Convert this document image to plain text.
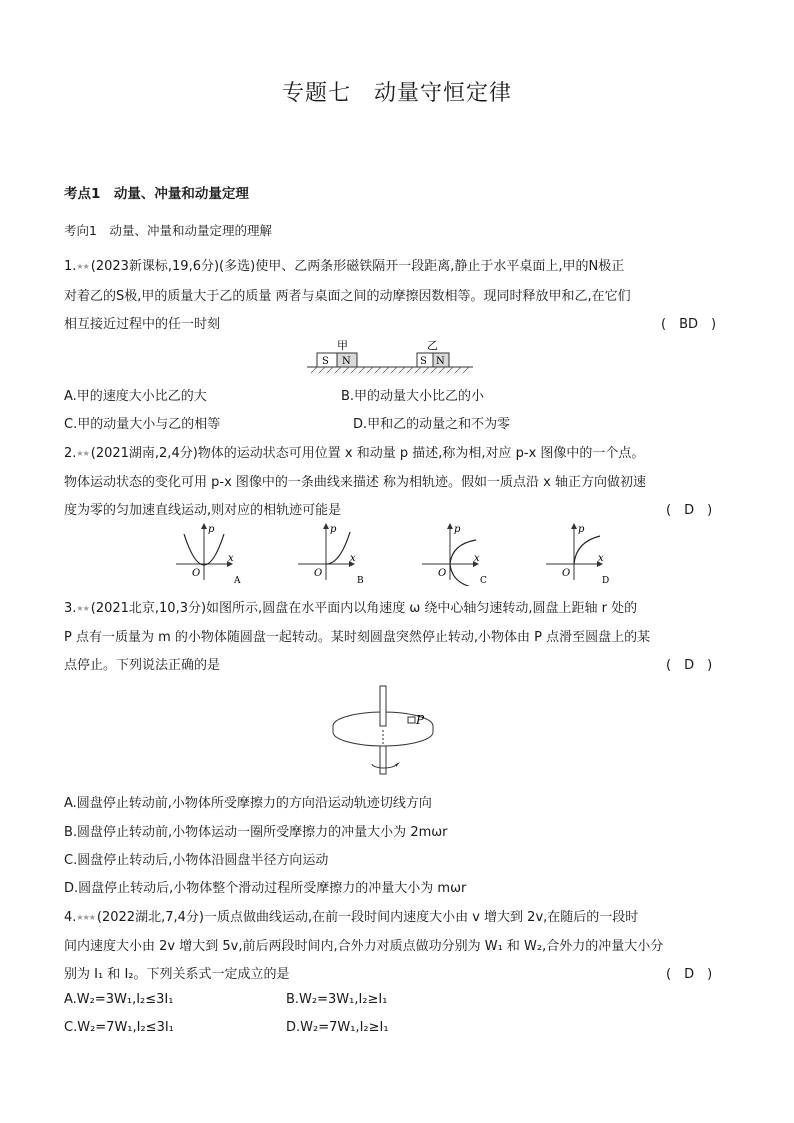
专题七　动量守恒定律
考点1　动量、冲量和动量定理
考向1　动量、冲量和动量定理的理解
1.★★ (2023新课标,19,6分)(多选)使甲、乙两条形磁铁隔开一段距离,静止于水平桌面上,甲的N极正
对着乙的S极,甲的质量大于乙的质量 两者与桌面之间的动摩擦因数相等。现同时释放甲和乙,在它们
相互接近过程中的任一时刻	(　BD　)
甲	乙
S N	S N
A.甲的速度大小比乙的大	B.甲的动量大小比乙的小
C.甲的动量大小与乙的相等	D.甲和乙的动量之和不为零
2.★★ (2021湖南,2,4分)物体的运动状态可用位置 x 和动量 p 描述,称为相,对应 p-x 图像中的一个点。
物体运动状态的变化可用 p-x 图像中的一条曲线来描述 称为相轨迹。假如一质点沿 x 轴正方向做初速
度为零的匀加速直线运动,则对应的相轨迹可能是	(　D　)
p
x
O
A
p
x
O
B
p
x
O
C
p
x
O
D
3.★★ (2021北京,10,3分)如图所示,圆盘在水平面内以角速度 ω 绕中心轴匀速转动,圆盘上距轴 r 处的
P 点有一质量为 m 的小物体随圆盘一起转动。某时刻圆盘突然停止转动,小物体由 P 点滑至圆盘上的某
点停止。下列说法正确的是	(　D　)
P
A.圆盘停止转动前,小物体所受摩擦力的方向沿运动轨迹切线方向
B.圆盘停止转动前,小物体运动一圈所受摩擦力的冲量大小为 2mωr
C.圆盘停止转动后,小物体沿圆盘半径方向运动
D.圆盘停止转动后,小物体整个滑动过程所受摩擦力的冲量大小为 mωr
4.★★★ (2022湖北,7,4分)一质点做曲线运动,在前一段时间内速度大小由 v 增大到 2v,在随后的一段时
间内速度大小由 2v 增大到 5v,前后两段时间内,合外力对质点做功分别为 W₁ 和 W₂,合外力的冲量大小分
别为 I₁ 和 I₂。下列关系式一定成立的是	(　D　)
A.W₂=3W₁,I₂≤3I₁	B.W₂=3W₁,I₂≥I₁
C.W₂=7W₁,I₂≤3I₁	D.W₂=7W₁,I₂≥I₁
